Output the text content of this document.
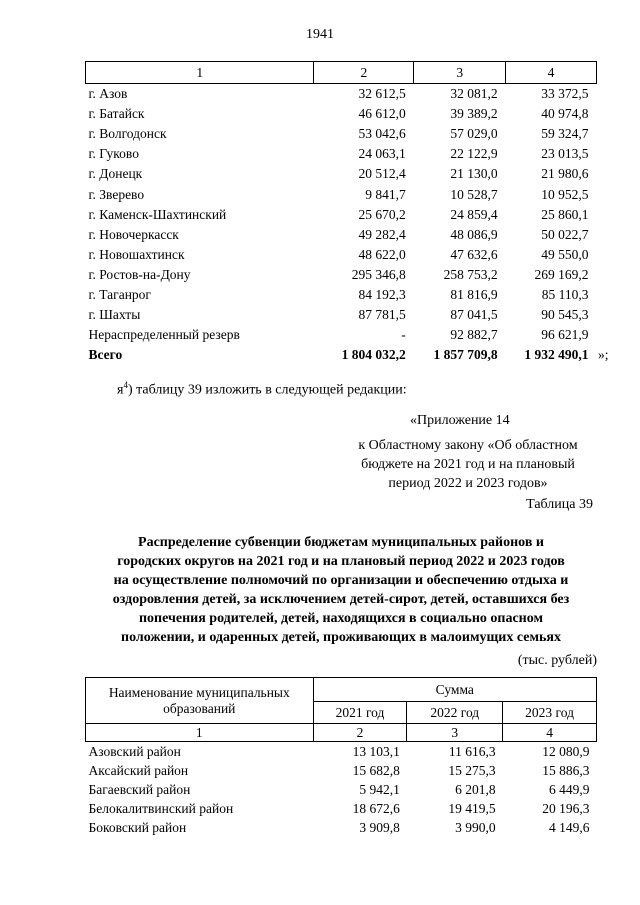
1941
1	2	3	4
г. Азов	32 612,5	32 081,2	33 372,5
г. Батайск	46 612,0	39 389,2	40 974,8
г. Волгодонск	53 042,6	57 029,0	59 324,7
г. Гуково	24 063,1	22 122,9	23 013,5
г. Донецк	20 512,4	21 130,0	21 980,6
г. Зверево	9 841,7	10 528,7	10 952,5
г. Каменск-Шахтинский	25 670,2	24 859,4	25 860,1
г. Новочеркасск	49 282,4	48 086,9	50 022,7
г. Новошахтинск	48 622,0	47 632,6	49 550,0
г. Ростов-на-Дону	295 346,8	258 753,2	269 169,2
г. Таганрог	84 192,3	81 816,9	85 110,3
г. Шахты	87 781,5	87 041,5	90 545,3
Нераспределенный резерв	-	92 882,7	96 621,9
Всего	1 804 032,2	1 857 709,8	1 932 490,1 »;
$я^4$) таблицу 39 изложить в следующей редакции:
«Приложение 14
к Областному закону «Об областном
бюджете на 2021 год и на плановый
период 2022 и 2023 годов»
Таблица 39
Распределение субвенции бюджетам муниципальных районов и
городских округов на 2021 год и на плановый период 2022 и 2023 годов
на осуществление полномочий по организации и обеспечению отдыха и
оздоровления детей, за исключением детей-сирот, детей, оставшихся без
попечения родителей, детей, находящихся в социально опасном
положении, и одаренных детей, проживающих в малоимущих семьях
(тыс. рублей)
Наименование муниципальных
образований	Сумма		
	2021 год	2022 год	2023 год
1	2	3	4
Азовский район	13 103,1	11 616,3	12 080,9
Аксайский район	15 682,8	15 275,3	15 886,3
Багаевский район	5 942,1	6 201,8	6 449,9
Белокалитвинский район	18 672,6	19 419,5	20 196,3
Боковский район	3 909,8	3 990,0	4 149,6
